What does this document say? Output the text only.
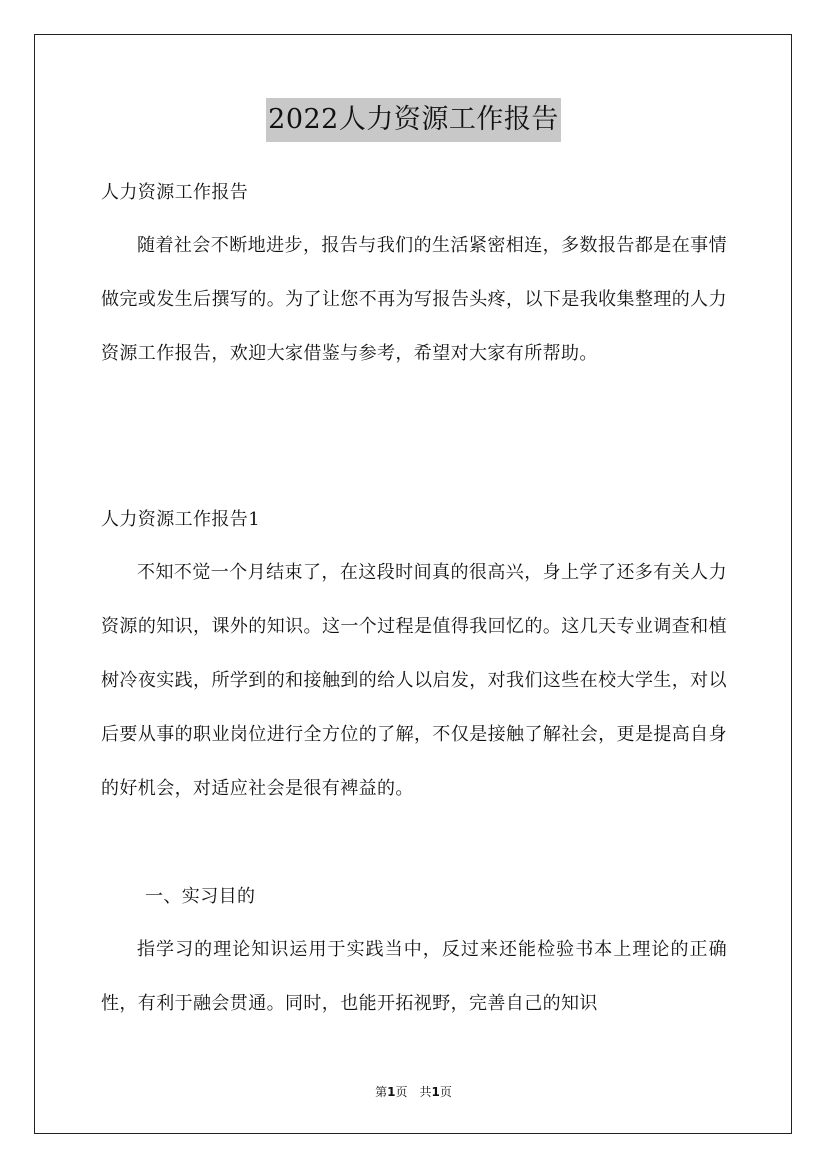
2022人力资源工作报告
人力资源工作报告

随着社会不断地进步，报告与我们的生活紧密相连，多数报告都是在事情做完或发生后撰写的。为了让您不再为写报告头疼，以下是我收集整理的人力资源工作报告，欢迎大家借鉴与参考，希望对大家有所帮助。

人力资源工作报告1

不知不觉一个月结束了，在这段时间真的很高兴，身上学了还多有关人力资源的知识，课外的知识。这一个过程是值得我回忆的。这几天专业调查和植树冷夜实践，所学到的和接触到的给人以启发，对我们这些在校大学生，对以后要从事的职业岗位进行全方位的了解，不仅是接触了解社会，更是提高自身的好机会，对适应社会是很有裨益的。

一、实习目的

指学习的理论知识运用于实践当中，反过来还能检验书本上理论的正确性，有利于融会贯通。同时，也能开拓视野，完善自己的知识

第1页 共1页
